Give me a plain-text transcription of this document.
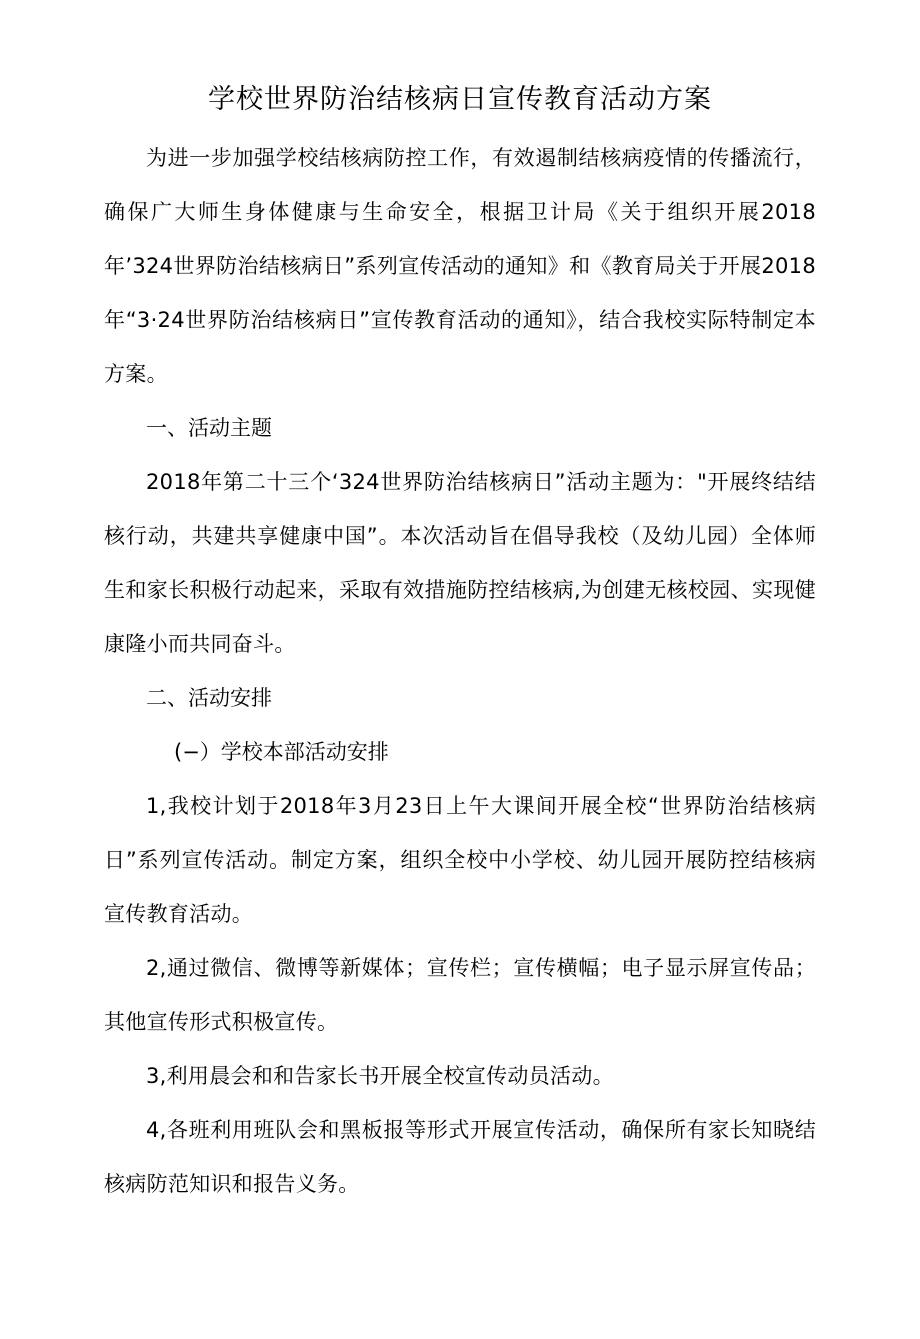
学校世界防治结核病日宣传教育活动方案

为进一步加强学校结核病防控工作，有效遏制结核病疫情的传播流行，确保广大师生身体健康与生命安全，根据卫计局《关于组织开展2018年’324世界防治结核病日”系列宣传活动的通知》和《教育局关于开展2018年“3·24世界防治结核病日”宣传教育活动的通知》，结合我校实际特制定本方案。

一、活动主题

2018年第二十三个‘324世界防治结核病日”活动主题为："开展终结结核行动，共建共享健康中国”。本次活动旨在倡导我校（及幼儿园）全体师生和家长积极行动起来，采取有效措施防控结核病,为创建无核校园、实现健康隆小而共同奋斗。

二、活动安排

(−）学校本部活动安排

1,我校计划于2018年3月23日上午大课间开展全校“世界防治结核病日”系列宣传活动。制定方案，组织全校中小学校、幼儿园开展防控结核病宣传教育活动。

2,通过微信、微博等新媒体；宣传栏；宣传横幅；电子显示屏宣传品；其他宣传形式积极宣传。

3,利用晨会和和告家长书开展全校宣传动员活动。

4,各班利用班队会和黑板报等形式开展宣传活动，确保所有家长知晓结核病防范知识和报告义务。
